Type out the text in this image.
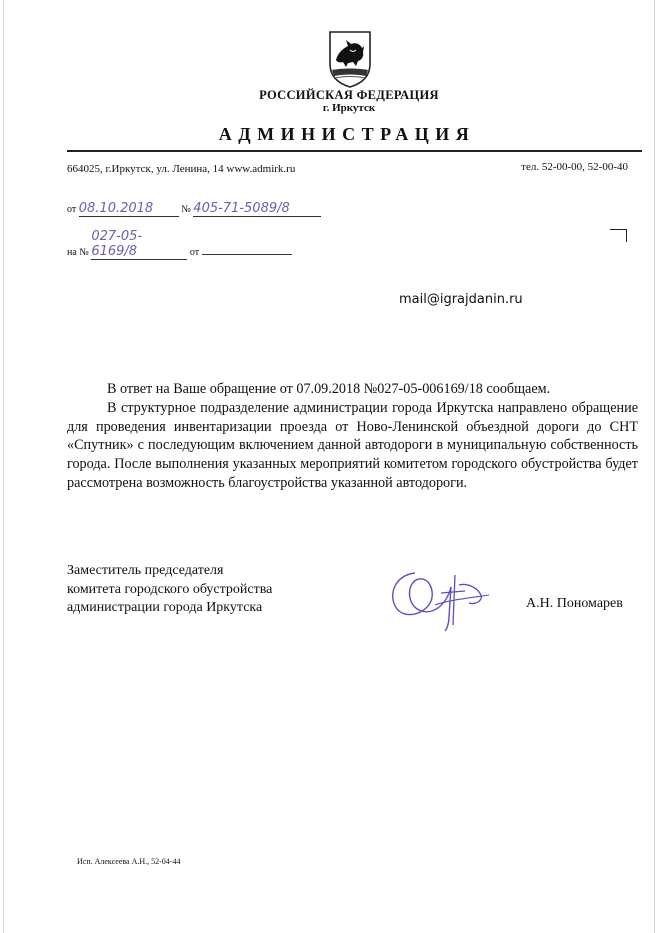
РОССИЙСКАЯ ФЕДЕРАЦИЯ
г. Иркутск
АДМИНИСТРАЦИЯ
664025, г.Иркутск, ул. Ленина, 14 www.admirk.ru	тел. 52-00-00, 52-00-40
от 08.10.2018	№ 405-71-5089/8
на № 027-05-6169/8	от
mail@igrajdanin.ru

В ответ на Ваше обращение от 07.09.2018 №027-05-006169/18 сообщаем.

В структурное подразделение администрации города Иркутска направлено обращение для проведения инвентаризации проезда от Ново-Ленинской объездной дороги до СНТ «Спутник» с последующим включением данной автодороги в муниципальную собственность города. После выполнения указанных мероприятий комитетом городского обустройства будет рассмотрена возможность благоустройства указанной автодороги.

Заместитель председателя
комитета городского обустройства
администрации города Иркутска	А.Н. Пономарев
Исп. Алексеева А.Н., 52-04-44
